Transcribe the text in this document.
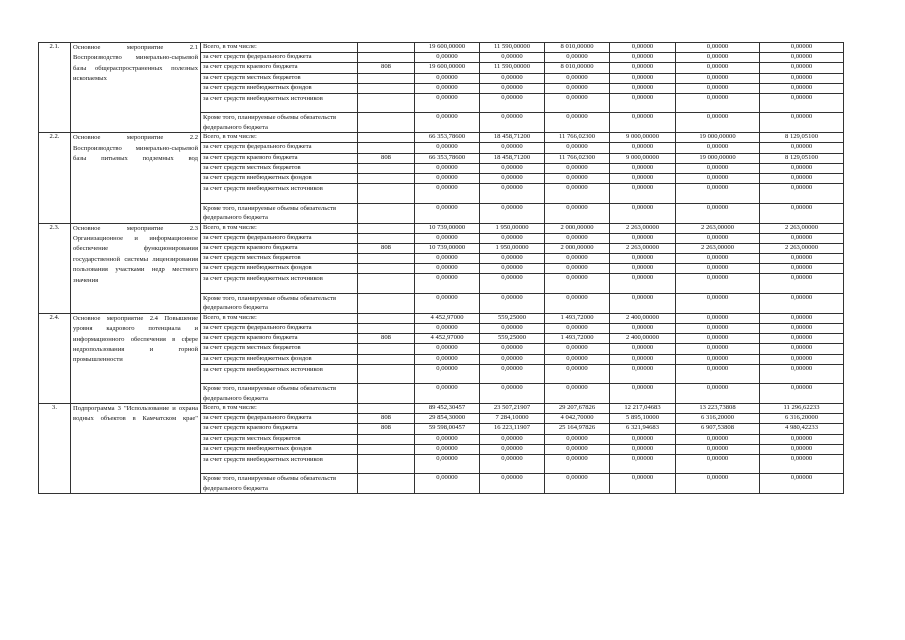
2.1.	Основное мероприятие 2.1 Воспроизводство минерально-сырьевой базы общераспространенных полезных ископаемых	Всего, в том числе:		19 600,00000	11 590,00000	8 010,00000	0,00000	0,00000	0,00000
		за счет средств федерального бюджета		0,00000	0,00000	0,00000	0,00000	0,00000	0,00000
		за счет средств краевого бюджета	808	19 600,00000	11 590,00000	8 010,00000	0,00000	0,00000	0,00000
		за счет средств местных бюджетов		0,00000	0,00000	0,00000	0,00000	0,00000	0,00000
		за счет средств внебюджетных фондов		0,00000	0,00000	0,00000	0,00000	0,00000	0,00000
		за счет средств внебюджетных источников		0,00000	0,00000	0,00000	0,00000	0,00000	0,00000
		Кроме того, планируемые объемы обязательств федерального бюджета		0,00000	0,00000	0,00000	0,00000	0,00000	0,00000
2.2.	Основное мероприятие 2.2 Воспроизводство минерально-сырьевой базы питьевых подземных вод	Всего, в том числе:		66 353,78600	18 458,71200	11 766,02300	9 000,00000	19 000,00000	8 129,05100
		за счет средств федерального бюджета		0,00000	0,00000	0,00000	0,00000	0,00000	0,00000
		за счет средств краевого бюджета	808	66 353,78600	18 458,71200	11 766,02300	9 000,00000	19 000,00000	8 129,05100
		за счет средств местных бюджетов		0,00000	0,00000	0,00000	0,00000	0,00000	0,00000
		за счет средств внебюджетных фондов		0,00000	0,00000	0,00000	0,00000	0,00000	0,00000
		за счет средств внебюджетных источников		0,00000	0,00000	0,00000	0,00000	0,00000	0,00000
		Кроме того, планируемые объемы обязательств федерального бюджета		0,00000	0,00000	0,00000	0,00000	0,00000	0,00000
2.3.	Основное мероприятие 2.3 Организационное и информационное обеспечение функционирования государственной системы лицензирования пользования участками недр местного значения	Всего, в том числе:		10 739,00000	1 950,00000	2 000,00000	2 263,00000	2 263,00000	2 263,00000
		за счет средств федерального бюджета		0,00000	0,00000	0,00000	0,00000	0,00000	0,00000
		за счет средств краевого бюджета	808	10 739,00000	1 950,00000	2 000,00000	2 263,00000	2 263,00000	2 263,00000
		за счет средств местных бюджетов		0,00000	0,00000	0,00000	0,00000	0,00000	0,00000
		за счет средств внебюджетных фондов		0,00000	0,00000	0,00000	0,00000	0,00000	0,00000
		за счет средств внебюджетных источников		0,00000	0,00000	0,00000	0,00000	0,00000	0,00000
		Кроме того, планируемые объемы обязательств федерального бюджета		0,00000	0,00000	0,00000	0,00000	0,00000	0,00000
2.4.	Основное мероприятие 2.4 Повышение уровня кадрового потенциала и информационного обеспечения в сфере недропользования и горной промышленности	Всего, в том числе:		4 452,97000	559,25000	1 493,72000	2 400,00000	0,00000	0,00000
		за счет средств федерального бюджета		0,00000	0,00000	0,00000	0,00000	0,00000	0,00000
		за счет средств краевого бюджета	808	4 452,97000	559,25000	1 493,72000	2 400,00000	0,00000	0,00000
		за счет средств местных бюджетов		0,00000	0,00000	0,00000	0,00000	0,00000	0,00000
		за счет средств внебюджетных фондов		0,00000	0,00000	0,00000	0,00000	0,00000	0,00000
		за счет средств внебюджетных источников		0,00000	0,00000	0,00000	0,00000	0,00000	0,00000
		Кроме того, планируемые объемы обязательств федерального бюджета		0,00000	0,00000	0,00000	0,00000	0,00000	0,00000
3.	Подпрограмма 3 "Использование и охрана водных объектов в Камчатском крае"	Всего, в том числе:		89 452,30457	23 507,21907	29 207,67826	12 217,04683	13 223,73808	11 296,62233
		за счет средств федерального бюджета	808	29 854,30000	7 284,10000	4 042,70000	5 895,10000	6 316,20000	6 316,20000
		за счет средств краевого бюджета	808	59 598,00457	16 223,11907	25 164,97826	6 321,94683	6 907,53808	4 980,42233
		за счет средств местных бюджетов		0,00000	0,00000	0,00000	0,00000	0,00000	0,00000
		за счет средств внебюджетных фондов		0,00000	0,00000	0,00000	0,00000	0,00000	0,00000
		за счет средств внебюджетных источников		0,00000	0,00000	0,00000	0,00000	0,00000	0,00000
		Кроме того, планируемые объемы обязательств федерального бюджета		0,00000	0,00000	0,00000	0,00000	0,00000	0,00000
